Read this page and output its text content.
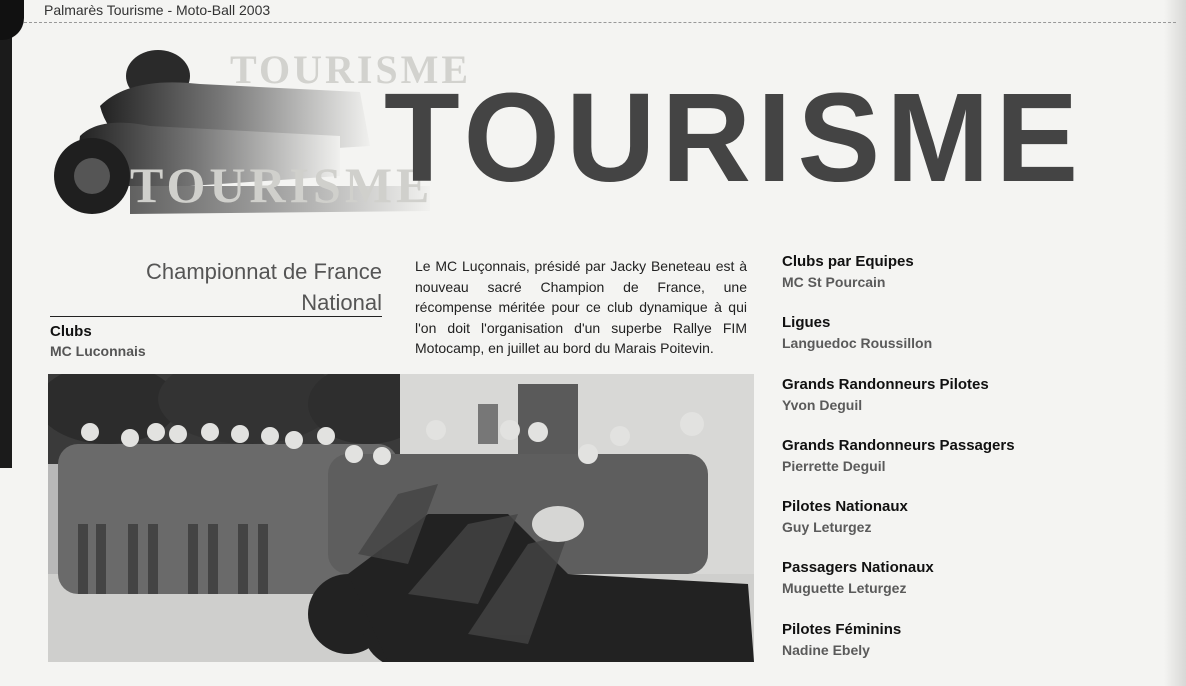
Palmarès Tourisme - Moto-Ball 2003
TOURISME
TOURISME
TOURISME
Championnat de France
National
Clubs
MC Luconnais
Le MC Luçonnais, présidé par Jacky Beneteau est à nouveau sacré Champion de France, une récompense méritée pour ce club dynamique à qui l'on doit l'organisation d'un superbe Rallye FIM Motocamp, en juillet au bord du Marais Poitevin.
Clubs par Equipes
MC St Pourcain
Ligues
Languedoc Roussillon
Grands Randonneurs Pilotes
Yvon Deguil
Grands Randonneurs Passagers
Pierrette Deguil
Pilotes Nationaux
Guy Leturgez
Passagers Nationaux
Muguette Leturgez
Pilotes Féminins
Nadine Ebely
